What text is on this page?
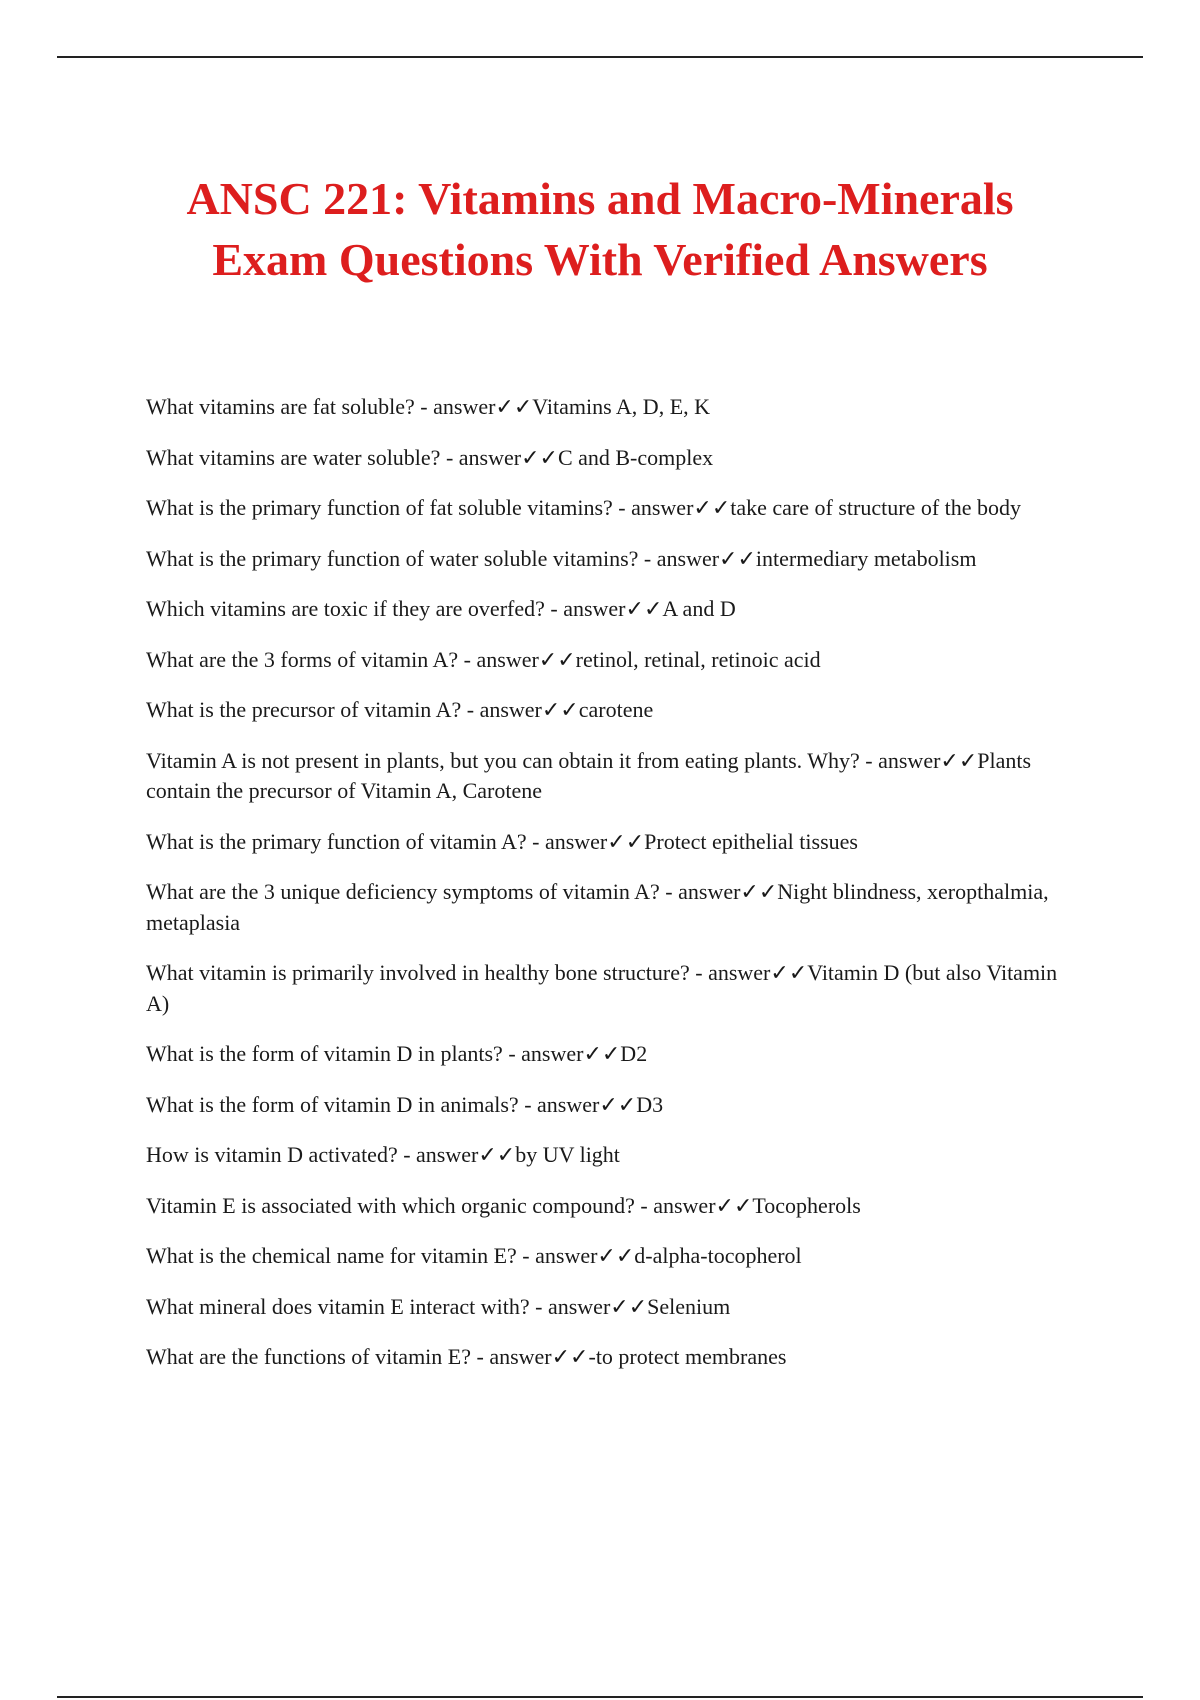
ANSC 221: Vitamins and Macro-Minerals
Exam Questions With Verified Answers
What vitamins are fat soluble? - answer✓✓Vitamins A, D, E, K
What vitamins are water soluble? - answer✓✓C and B-complex
What is the primary function of fat soluble vitamins? - answer✓✓take care of structure of the body
What is the primary function of water soluble vitamins? - answer✓✓intermediary metabolism
Which vitamins are toxic if they are overfed? - answer✓✓A and D
What are the 3 forms of vitamin A? - answer✓✓retinol, retinal, retinoic acid
What is the precursor of vitamin A? - answer✓✓carotene
Vitamin A is not present in plants, but you can obtain it from eating plants. Why? - answer✓✓Plants contain the precursor of Vitamin A, Carotene
What is the primary function of vitamin A? - answer✓✓Protect epithelial tissues
What are the 3 unique deficiency symptoms of vitamin A? - answer✓✓Night blindness, xeropthalmia, metaplasia
What vitamin is primarily involved in healthy bone structure? - answer✓✓Vitamin D (but also Vitamin A)
What is the form of vitamin D in plants? - answer✓✓D2
What is the form of vitamin D in animals? - answer✓✓D3
How is vitamin D activated? - answer✓✓by UV light
Vitamin E is associated with which organic compound? - answer✓✓Tocopherols
What is the chemical name for vitamin E? - answer✓✓d-alpha-tocopherol
What mineral does vitamin E interact with? - answer✓✓Selenium
What are the functions of vitamin E? - answer✓✓-to protect membranes
